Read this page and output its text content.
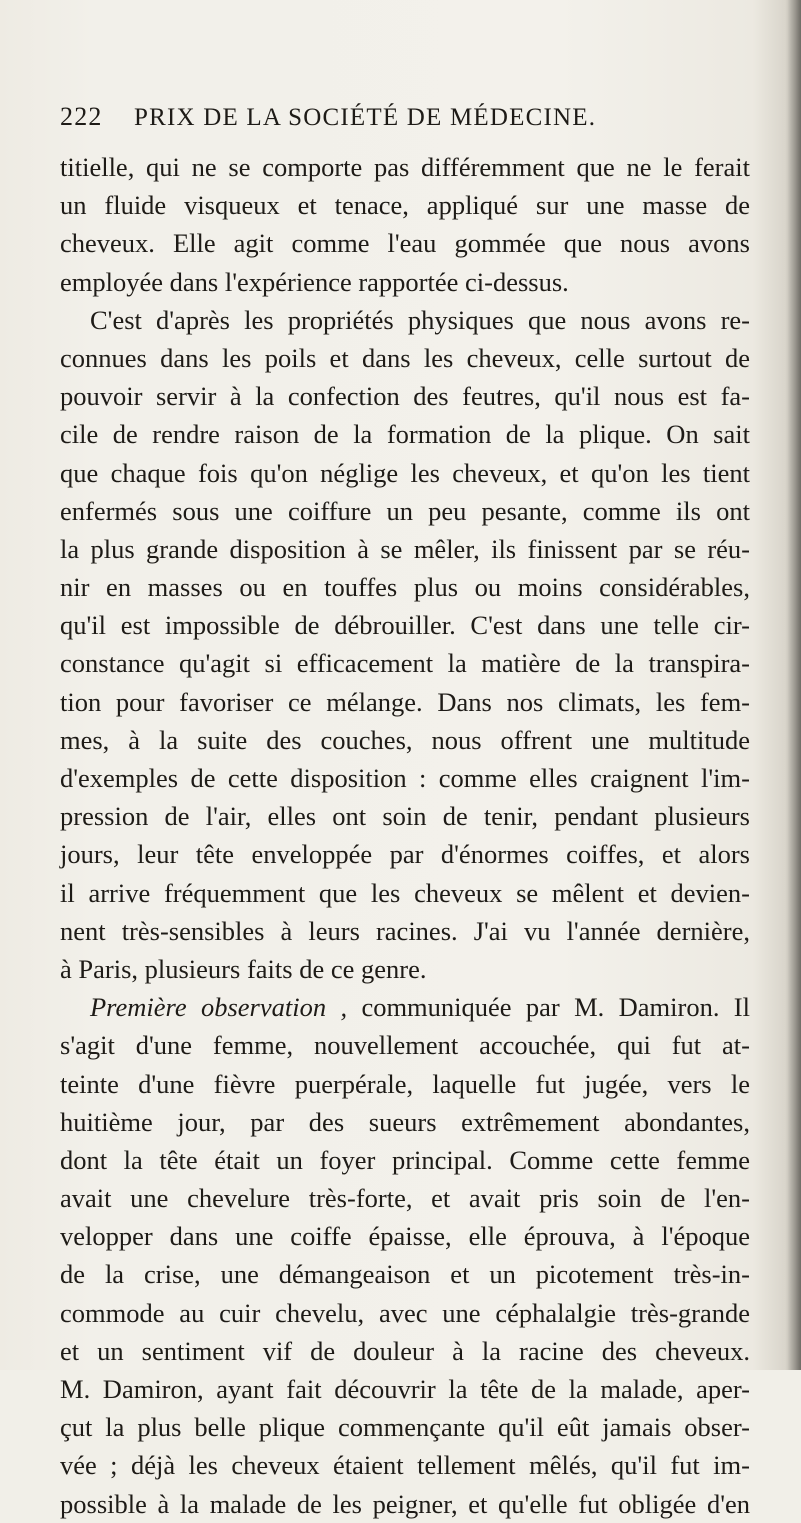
222 PRIX DE LA SOCIÉTÉ DE MÉDECINE.
titielle, qui ne se comporte pas différemment que ne le ferait
un fluide visqueux et tenace, appliqué sur une masse de
cheveux. Elle agit comme l'eau gommée que nous avons
employée dans l'expérience rapportée ci-dessus.
C'est d'après les propriétés physiques que nous avons re-
connues dans les poils et dans les cheveux, celle surtout de
pouvoir servir à la confection des feutres, qu'il nous est fa-
cile de rendre raison de la formation de la plique. On sait
que chaque fois qu'on néglige les cheveux, et qu'on les tient
enfermés sous une coiffure un peu pesante, comme ils ont
la plus grande disposition à se mêler, ils finissent par se réu-
nir en masses ou en touffes plus ou moins considérables,
qu'il est impossible de débrouiller. C'est dans une telle cir-
constance qu'agit si efficacement la matière de la transpira-
tion pour favoriser ce mélange. Dans nos climats, les fem-
mes, à la suite des couches, nous offrent une multitude
d'exemples de cette disposition : comme elles craignent l'im-
pression de l'air, elles ont soin de tenir, pendant plusieurs
jours, leur tête enveloppée par d'énormes coiffes, et alors
il arrive fréquemment que les cheveux se mêlent et devien-
nent très-sensibles à leurs racines. J'ai vu l'année dernière,
à Paris, plusieurs faits de ce genre.
Première observation , communiquée par M. Damiron. Il
s'agit d'une femme, nouvellement accouchée, qui fut at-
teinte d'une fièvre puerpérale, laquelle fut jugée, vers le
huitième jour, par des sueurs extrêmement abondantes,
dont la tête était un foyer principal. Comme cette femme
avait une chevelure très-forte, et avait pris soin de l'en-
velopper dans une coiffe épaisse, elle éprouva, à l'époque
de la crise, une démangeaison et un picotement très-in-
commode au cuir chevelu, avec une céphalalgie très-grande
et un sentiment vif de douleur à la racine des cheveux.
M. Damiron, ayant fait découvrir la tête de la malade, aper-
çut la plus belle plique commençante qu'il eût jamais obser-
vée ; déjà les cheveux étaient tellement mêlés, qu'il fut im-
possible à la malade de les peigner, et qu'elle fut obligée d'en
